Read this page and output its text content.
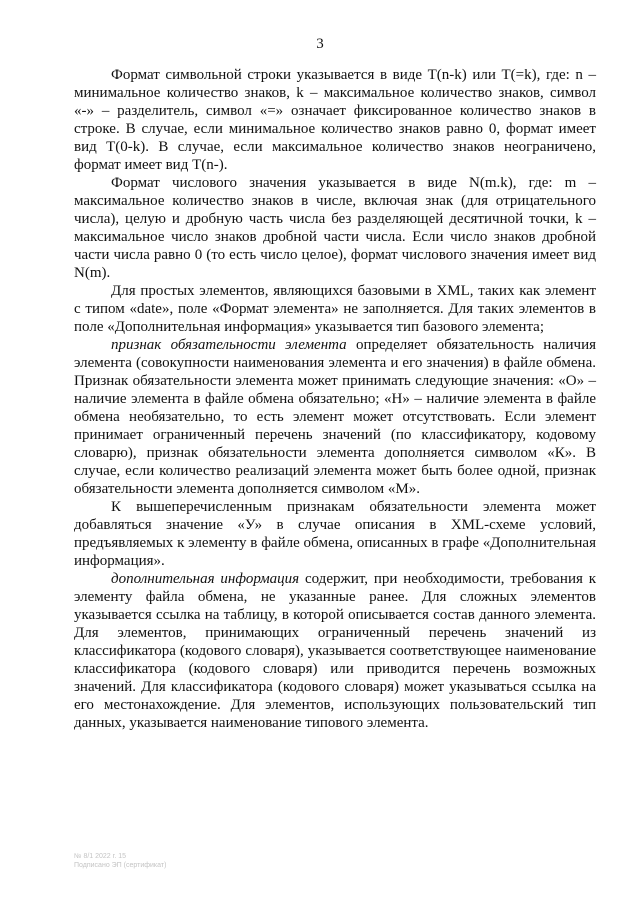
3

Формат символьной строки указывается в виде T(n-k) или T(=k), где: n – минимальное количество знаков, k – максимальное количество знаков, символ «-» – разделитель, символ «=» означает фиксированное количество знаков в строке. В случае, если минимальное количество знаков равно 0, формат имеет вид T(0-k). В случае, если максимальное количество знаков неограничено, формат имеет вид T(n-).

Формат числового значения указывается в виде N(m.k), где: m – максимальное количество знаков в числе, включая знак (для отрицательного числа), целую и дробную часть числа без разделяющей десятичной точки, k – максимальное число знаков дробной части числа. Если число знаков дробной части числа равно 0 (то есть число целое), формат числового значения имеет вид N(m).

Для простых элементов, являющихся базовыми в XML, таких как элемент с типом «date», поле «Формат элемента» не заполняется. Для таких элементов в поле «Дополнительная информация» указывается тип базового элемента;

признак обязательности элемента определяет обязательность наличия элемента (совокупности наименования элемента и его значения) в файле обмена. Признак обязательности элемента может принимать следующие значения: «О» – наличие элемента в файле обмена обязательно; «Н» – наличие элемента в файле обмена необязательно, то есть элемент может отсутствовать. Если элемент принимает ограниченный перечень значений (по классификатору, кодовому словарю), признак обязательности элемента дополняется символом «К». В случае, если количество реализаций элемента может быть более одной, признак обязательности элемента дополняется символом «М».

К вышеперечисленным признакам обязательности элемента может добавляться значение «У» в случае описания в XML-схеме условий, предъявляемых к элементу в файле обмена, описанных в графе «Дополнительная информация».

дополнительная информация содержит, при необходимости, требования к элементу файла обмена, не указанные ранее. Для сложных элементов указывается ссылка на таблицу, в которой описывается состав данного элемента. Для элементов, принимающих ограниченный перечень значений из классификатора (кодового словаря), указывается соответствующее наименование классификатора (кодового словаря) или приводится перечень возможных значений. Для классификатора (кодового словаря) может указываться ссылка на его местонахождение. Для элементов, использующих пользовательский тип данных, указывается наименование типового элемента.

№ 8/1 2022 г. 15
Подписано ЭП (сертификат)
